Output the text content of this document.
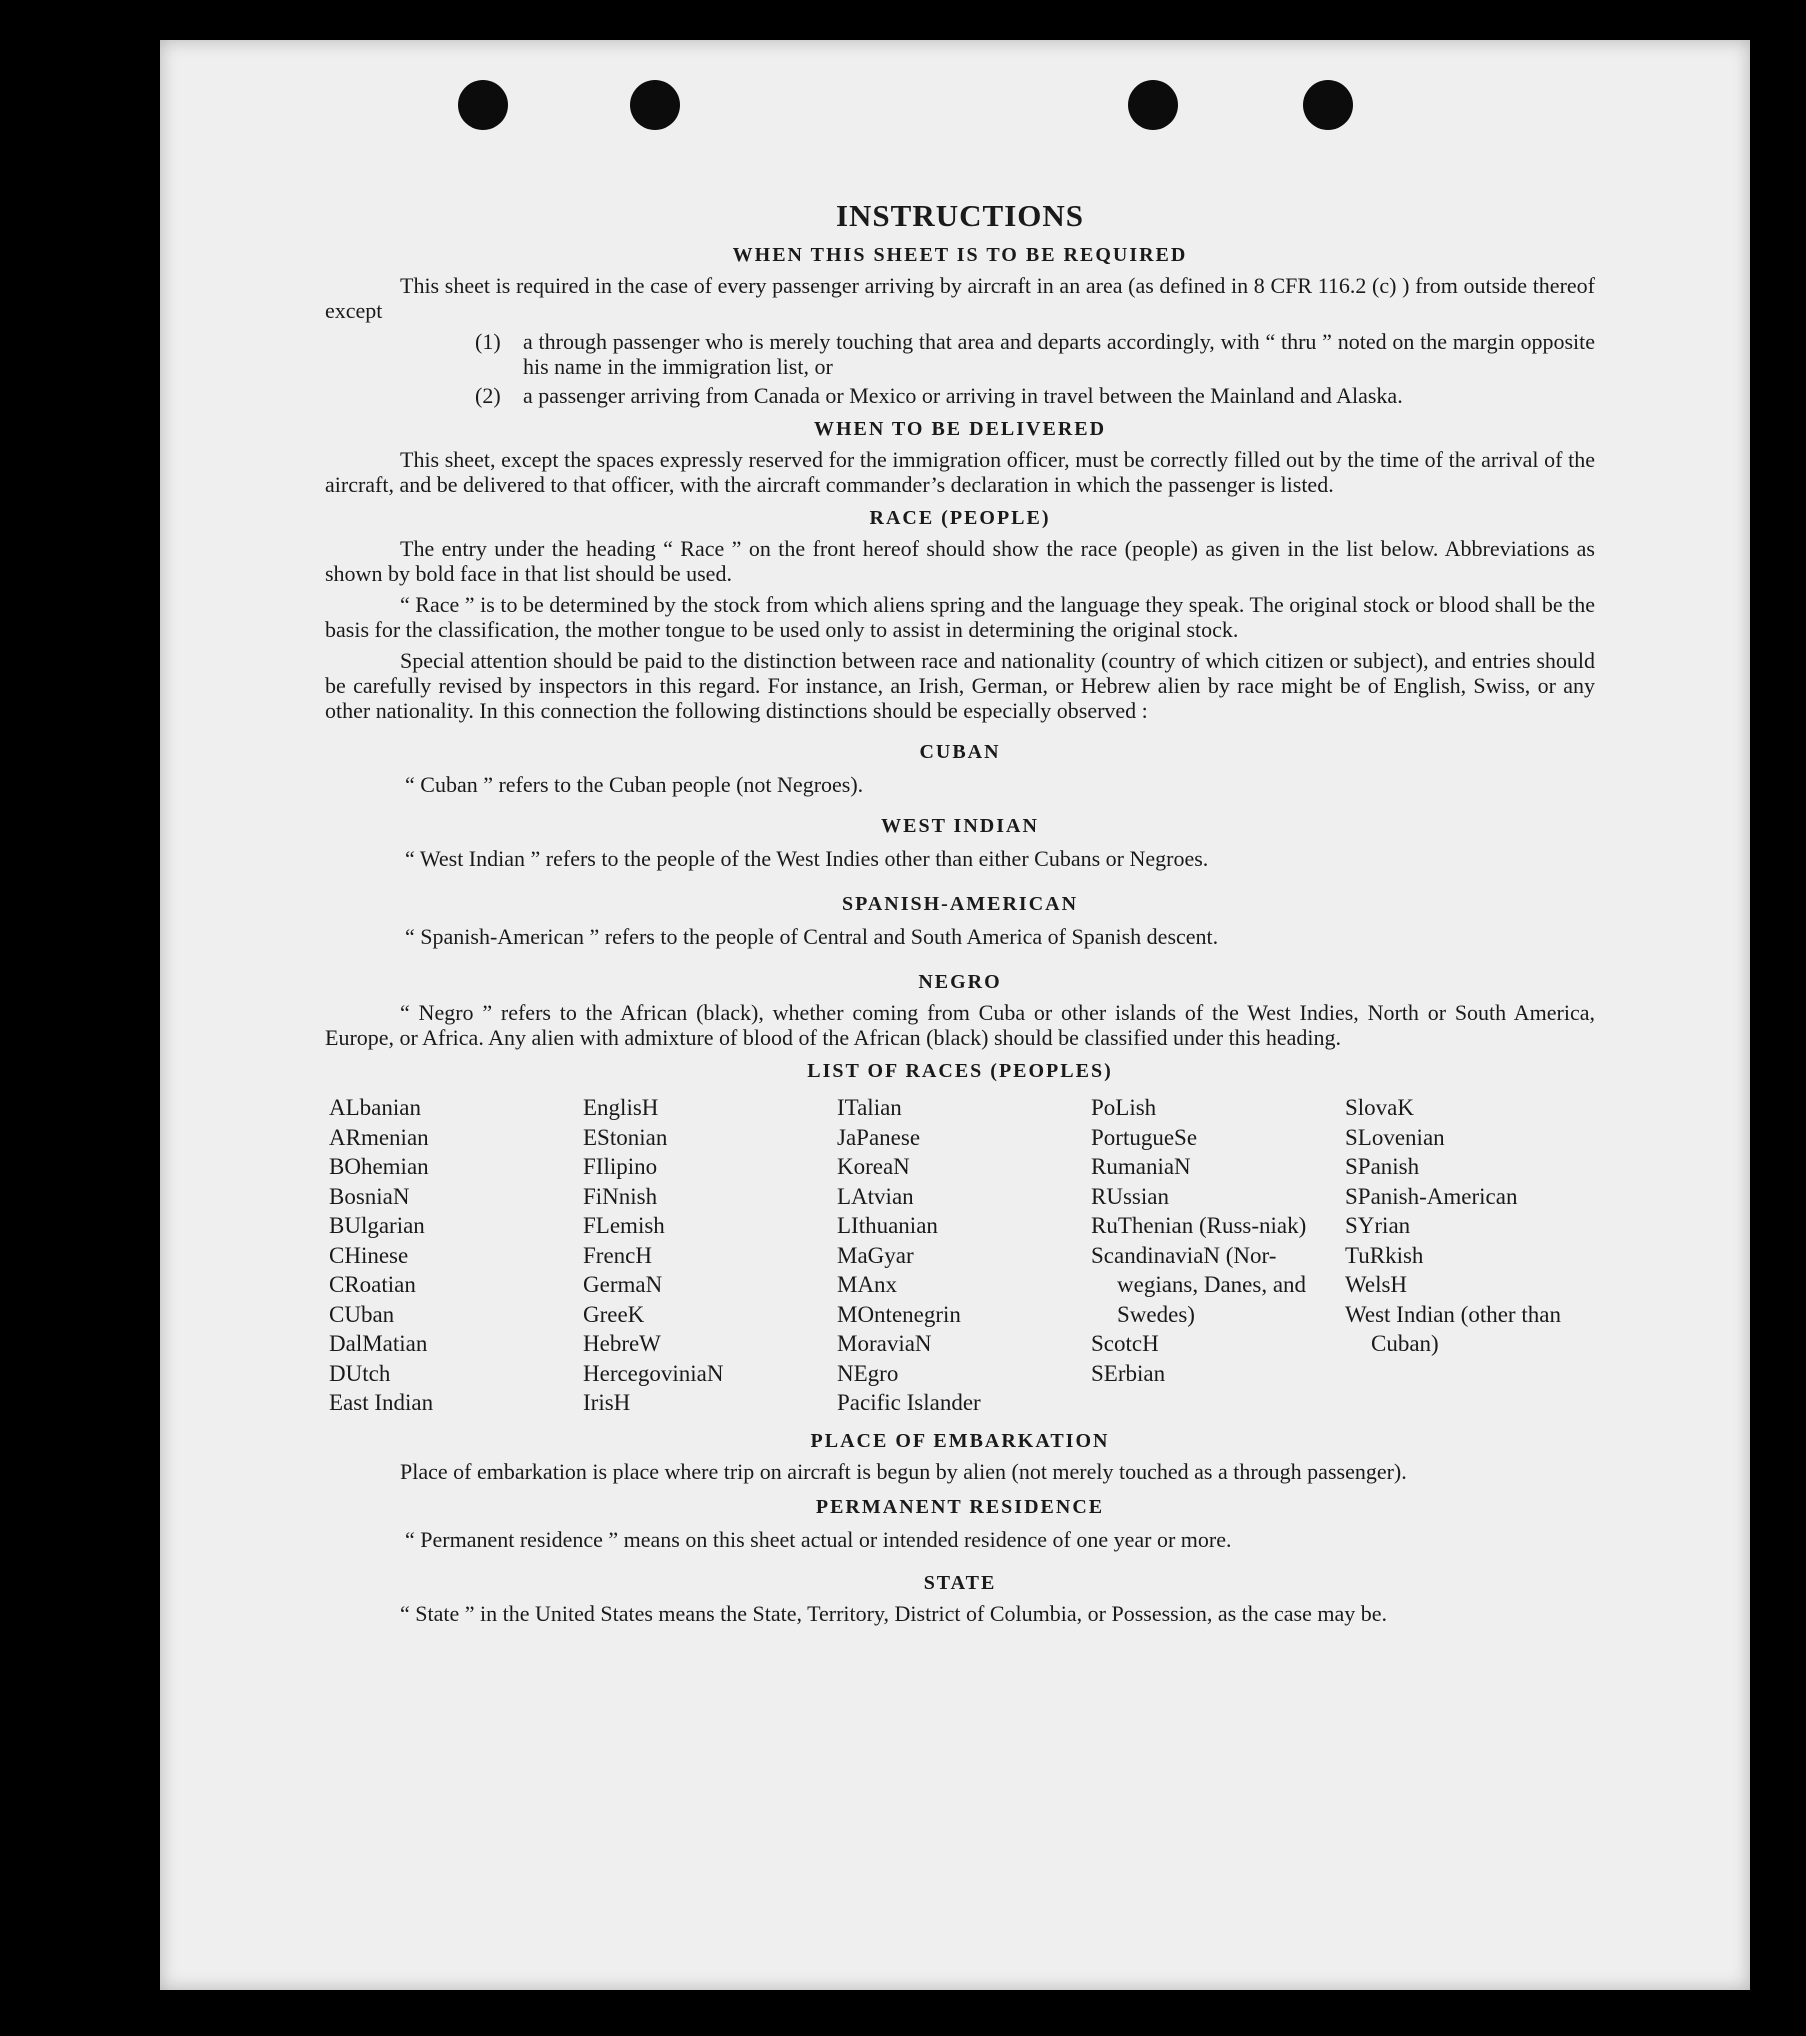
INSTRUCTIONS
WHEN THIS SHEET IS TO BE REQUIRED

This sheet is required in the case of every passenger arriving by aircraft in an area (as defined in 8 CFR 116.2 (c) ) from outside thereof except

(1)	a through passenger who is merely touching that area and departs accordingly, with “ thru ” noted on the margin opposite his name in the immigration list, or
(2)	a passenger arriving from Canada or Mexico or arriving in travel between the Mainland and Alaska.
WHEN TO BE DELIVERED

This sheet, except the spaces expressly reserved for the immigration officer, must be correctly filled out by the time of the arrival of the aircraft, and be delivered to that officer, with the aircraft commander’s declaration in which the passenger is listed.

RACE (PEOPLE)

The entry under the heading “ Race ” on the front hereof should show the race (people) as given in the list below. Abbreviations as shown by bold face in that list should be used.

“ Race ” is to be determined by the stock from which aliens spring and the language they speak. The original stock or blood shall be the basis for the classification, the mother tongue to be used only to assist in determining the original stock.

Special attention should be paid to the distinction between race and nationality (country of which citizen or subject), and entries should be carefully revised by inspectors in this regard. For instance, an Irish, German, or Hebrew alien by race might be of English, Swiss, or any other nationality. In this connection the following distinctions should be especially observed :

CUBAN
“ Cuban ” refers to the Cuban people (not Negroes).
WEST INDIAN
“ West Indian ” refers to the people of the West Indies other than either Cubans or Negroes.
SPANISH-AMERICAN
“ Spanish-American ” refers to the people of Central and South America of Spanish descent.
NEGRO

“ Negro ” refers to the African (black), whether coming from Cuba or other islands of the West Indies, North or South America, Europe, or Africa. Any alien with admixture of blood of the African (black) should be classified under this heading.

LIST OF RACES (PEOPLES)
ALbanian
ARmenian
BOhemian
BosniaN
BUlgarian
CHinese
CRoatian
CUban
DalMatian
DUtch
East Indian
EnglisH
EStonian
FIlipino
FiNnish
FLemish
FrencH
GermaN
GreeK
HebreW
HercegoviniaN
IrisH
ITalian
JaPanese
KoreaN
LAtvian
LIthuanian
MaGyar
MAnx
MOntenegrin
MoraviaN
NEgro
Pacific Islander
PoLish
PortugueSe
RumaniaN
RUssian
RuThenian (Russ-niak)
ScandinaviaN (Nor-wegians, Danes, and Swedes)
ScotcH
SErbian
SlovaK
SLovenian
SPanish
SPanish-American
SYrian
TuRkish
WelsH
West Indian (other than Cuban)
PLACE OF EMBARKATION

Place of embarkation is place where trip on aircraft is begun by alien (not merely touched as a through passenger).

PERMANENT RESIDENCE
“ Permanent residence ” means on this sheet actual or intended residence of one year or more.
STATE

“ State ” in the United States means the State, Territory, District of Columbia, or Possession, as the case may be.
